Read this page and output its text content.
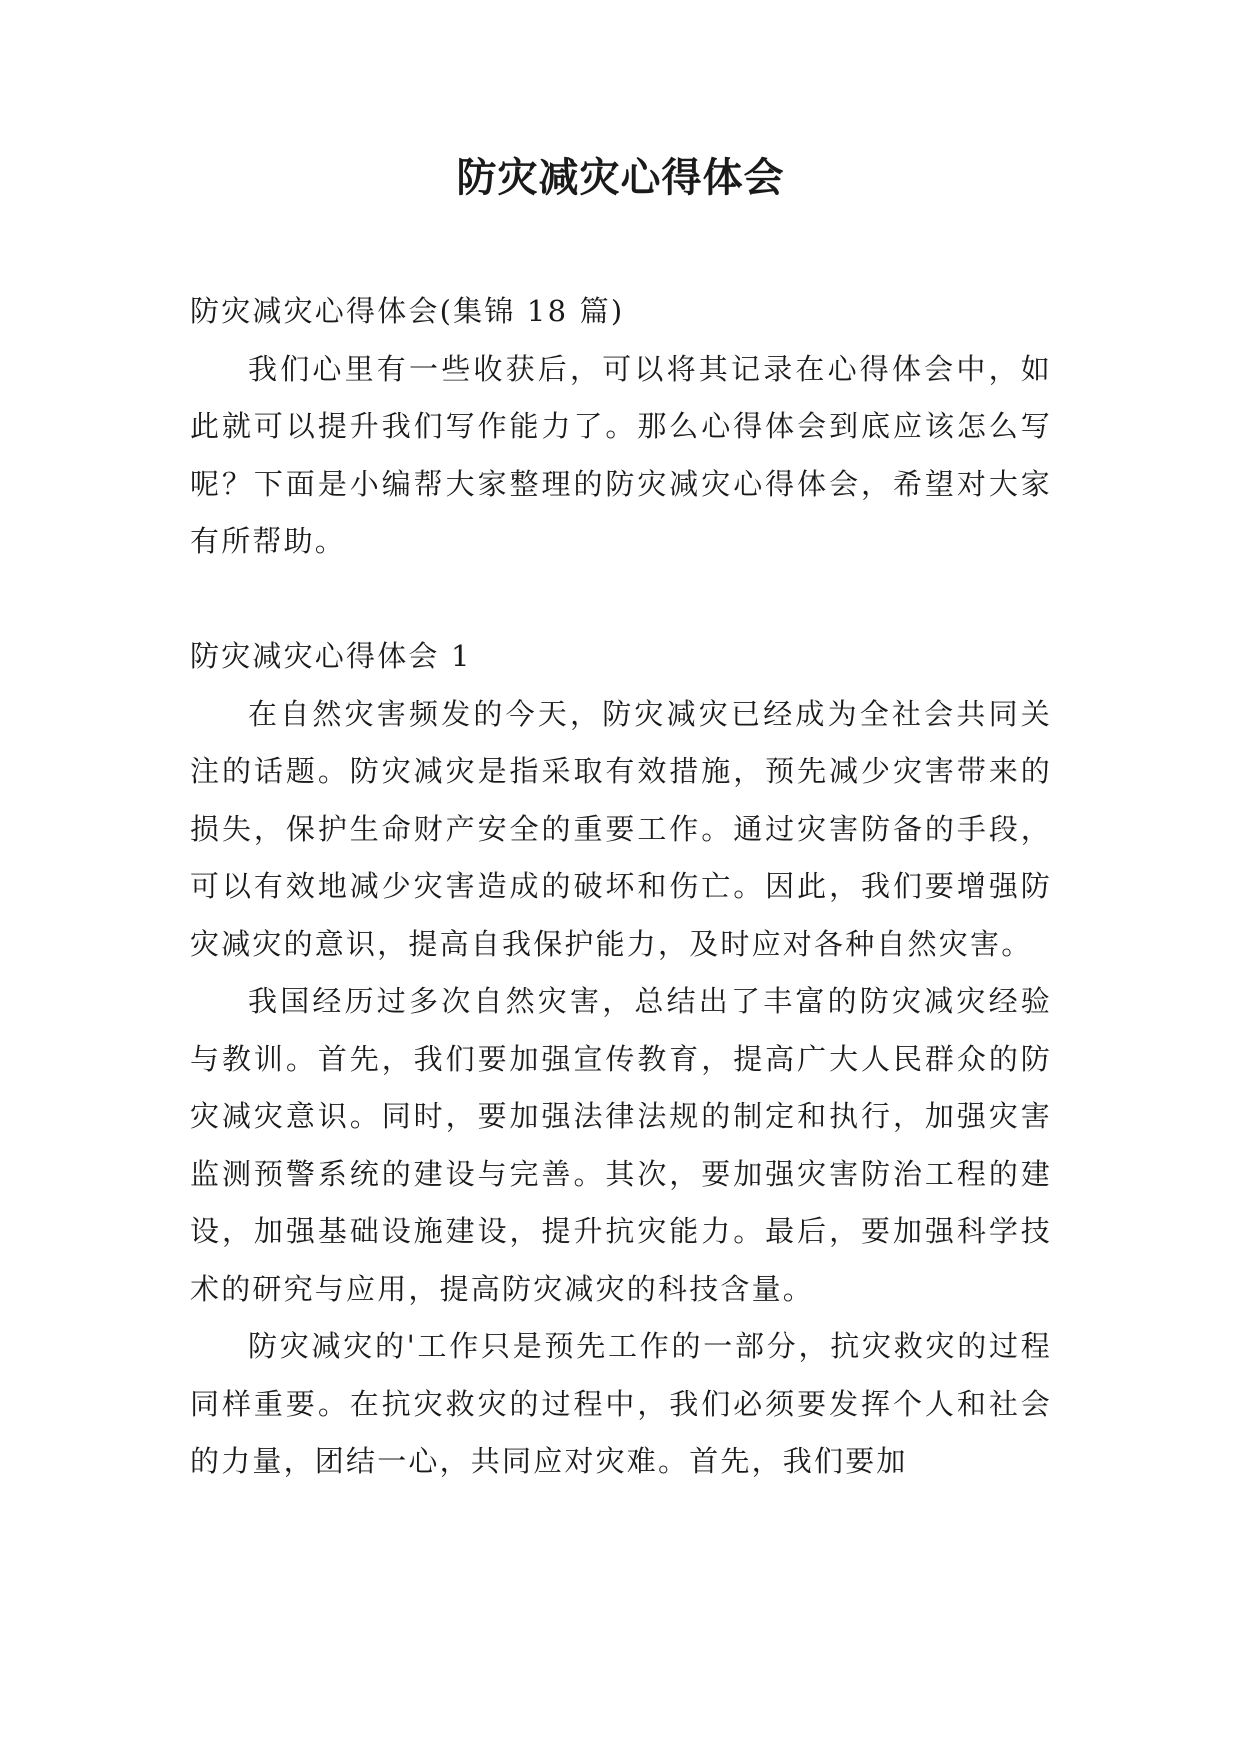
防灾减灾心得体会

防灾减灾心得体会(集锦 18 篇)

我们心里有一些收获后，可以将其记录在心得体会中，如此就可以提升我们写作能力了。那么心得体会到底应该怎么写呢？下面是小编帮大家整理的防灾减灾心得体会，希望对大家有所帮助。

防灾减灾心得体会 1

在自然灾害频发的今天，防灾减灾已经成为全社会共同关注的话题。防灾减灾是指采取有效措施，预先减少灾害带来的损失，保护生命财产安全的重要工作。通过灾害防备的手段，可以有效地减少灾害造成的破坏和伤亡。因此，我们要增强防灾减灾的意识，提高自我保护能力，及时应对各种自然灾害。

我国经历过多次自然灾害，总结出了丰富的防灾减灾经验与教训。首先，我们要加强宣传教育，提高广大人民群众的防灾减灾意识。同时，要加强法律法规的制定和执行，加强灾害监测预警系统的建设与完善。其次，要加强灾害防治工程的建设，加强基础设施建设，提升抗灾能力。最后，要加强科学技术的研究与应用，提高防灾减灾的科技含量。

防灾减灾的'工作只是预先工作的一部分，抗灾救灾的过程同样重要。在抗灾救灾的过程中，我们必须要发挥个人和社会的力量，团结一心，共同应对灾难。首先，我们要加
